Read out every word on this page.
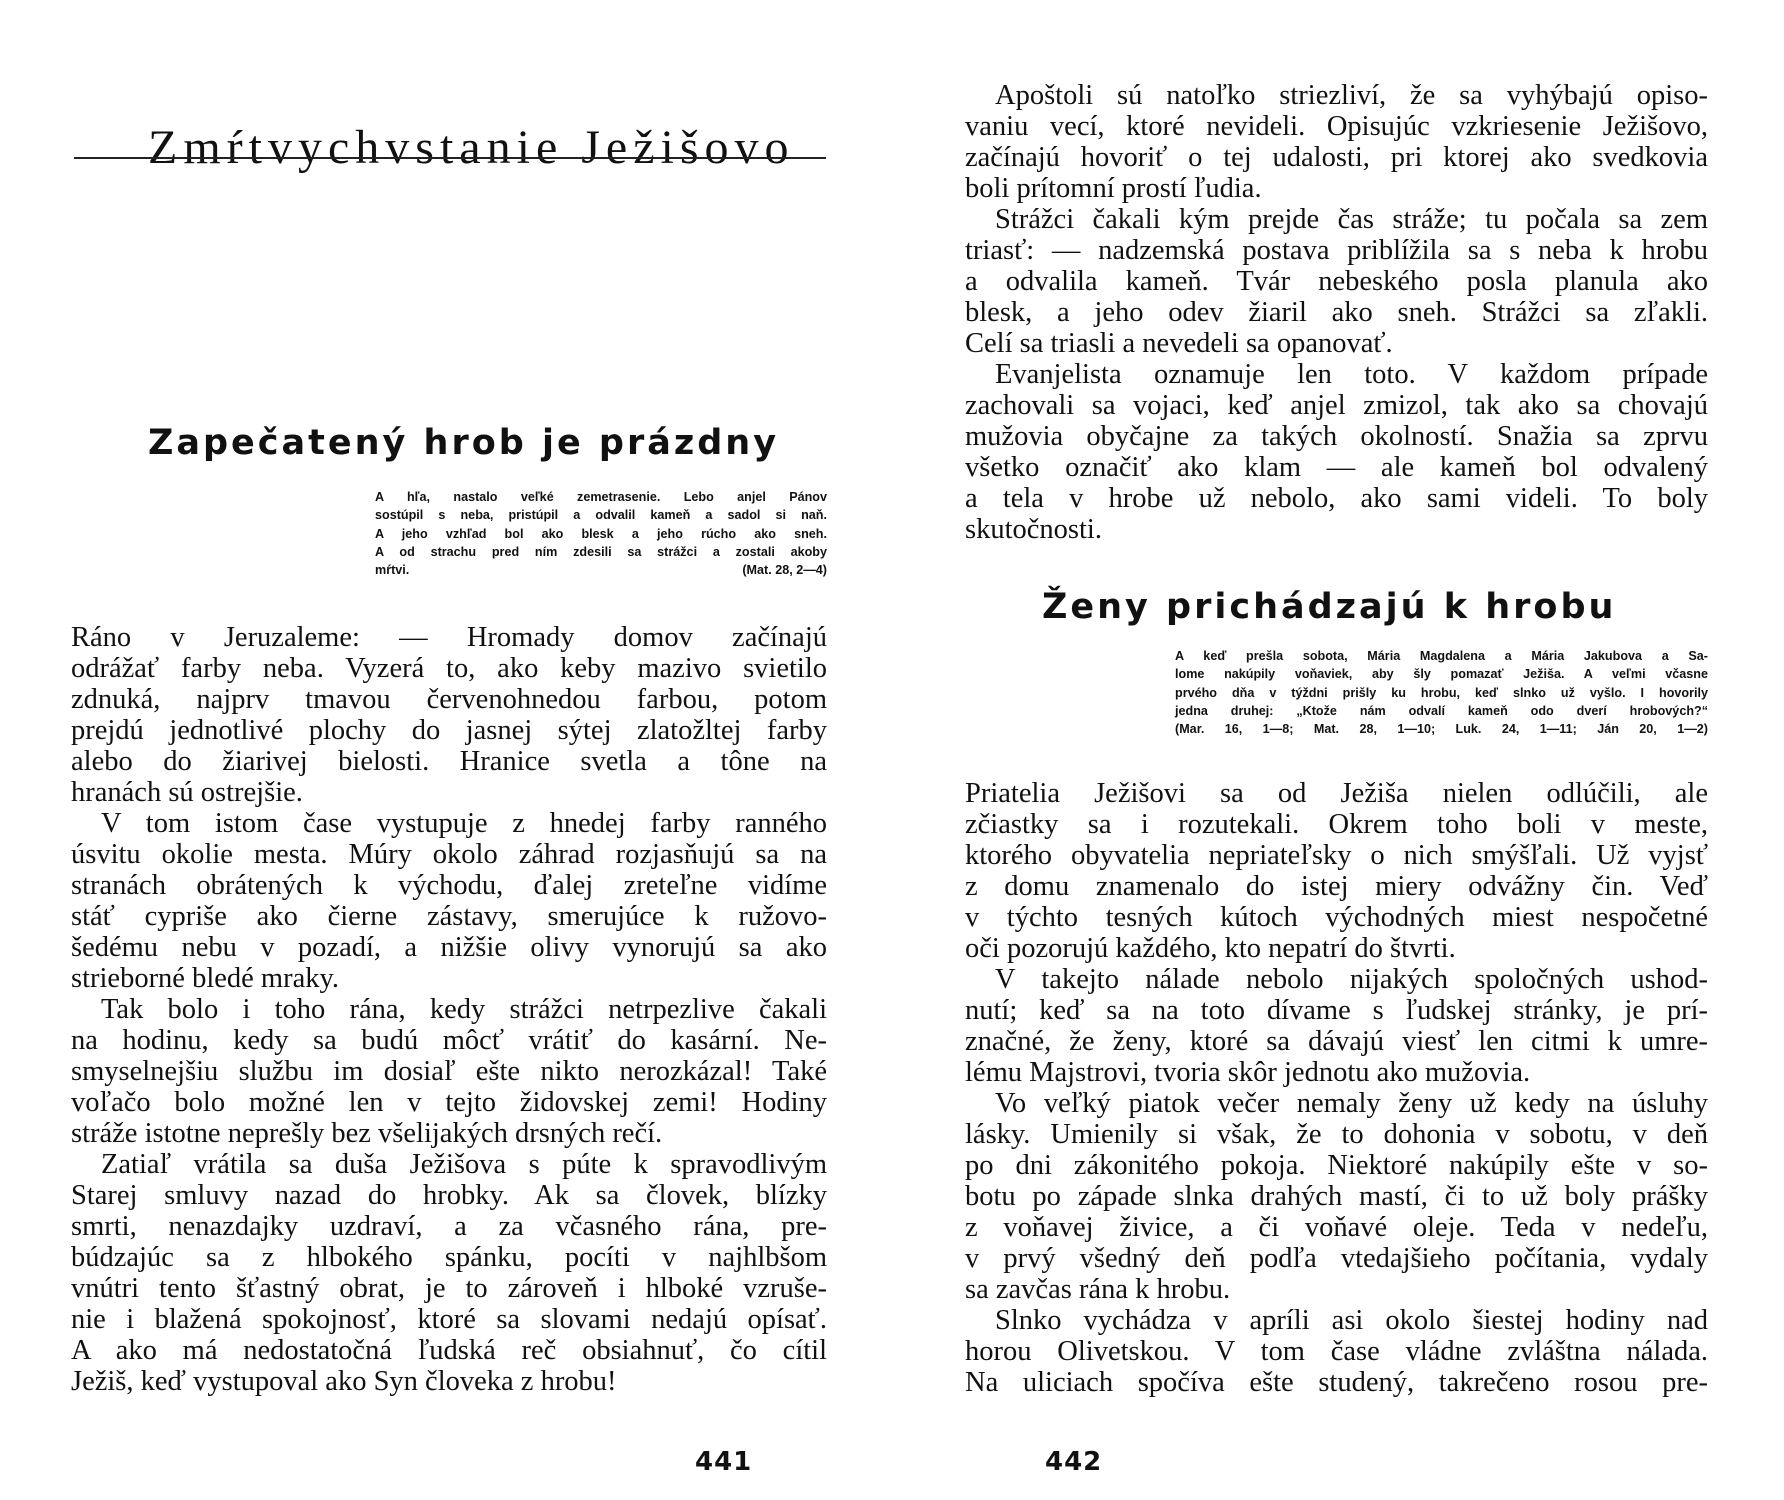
Zmŕtvychvstanie Ježišovo
Zapečatený hrob je prázdny

A hľa, nastalo veľké zemetrasenie. Lebo anjel Pánov

sostúpil s neba, pristúpil a odvalil kameň a sadol si naň.

A jeho vzhľad bol ako blesk a jeho rúcho ako sneh.

A od strachu pred ním zdesili sa strážci a zostali akoby

mŕtvi.	(Mat. 28, 2—4)

Ráno v Jeruzaleme: — Hromady domov začínajú
odrážať farby neba. Vyzerá to, ako keby mazivo svietilo
zdnuká, najprv tmavou červenohnedou farbou, potom
prejdú jednotlivé plochy do jasnej sýtej zlatožltej farby
alebo do žiarivej bielosti. Hranice svetla a tône na
hranách sú ostrejšie.

V tom istom čase vystupuje z hnedej farby ranného
úsvitu okolie mesta. Múry okolo záhrad rozjasňujú sa na
stranách obrátených k východu, ďalej zreteľne vidíme
stáť cypriše ako čierne zástavy, smerujúce k ružovo-
šedému nebu v pozadí, a nižšie olivy vynorujú sa ako
strieborné bledé mraky.

Tak bolo i toho rána, kedy strážci netrpezlive čakali
na hodinu, kedy sa budú môcť vrátiť do kasární. Ne-
smyselnejšiu službu im dosiaľ ešte nikto nerozkázal! Také
voľačo bolo možné len v tejto židovskej zemi! Hodiny
stráže istotne neprešly bez všelijakých drsných rečí.

Zatiaľ vrátila sa duša Ježišova s púte k spravodlivým
Starej smluvy nazad do hrobky. Ak sa človek, blízky
smrti, nenazdajky uzdraví, a za včasného rána, pre-
búdzajúc sa z hlbokého spánku, pocíti v najhlbšom
vnútri tento šťastný obrat, je to zároveň i hlboké vzruše-
nie i blažená spokojnosť, ktoré sa slovami nedajú opísať.
A ako má nedostatočná ľudská reč obsiahnuť, čo cítil
Ježiš, keď vystupoval ako Syn človeka z hrobu!

441

Apoštoli sú natoľko striezliví, že sa vyhýbajú opiso-
vaniu vecí, ktoré nevideli. Opisujúc vzkriesenie Ježišovo,
začínajú hovoriť o tej udalosti, pri ktorej ako svedkovia
boli prítomní prostí ľudia.

Strážci čakali kým prejde čas stráže; tu počala sa zem
triasť: — nadzemská postava priblížila sa s neba k hrobu
a odvalila kameň. Tvár nebeského posla planula ako
blesk, a jeho odev žiaril ako sneh. Strážci sa zľakli.
Celí sa triasli a nevedeli sa opanovať.

Evanjelista oznamuje len toto. V každom prípade
zachovali sa vojaci, keď anjel zmizol, tak ako sa chovajú
mužovia obyčajne za takých okolností. Snažia sa zprvu
všetko označiť ako klam — ale kameň bol odvalený
a tela v hrobe už nebolo, ako sami videli. To boly
skutočnosti.

Ženy prichádzajú k hrobu

A keď prešla sobota, Mária Magdalena a Mária Jakubova a Sa-

lome nakúpily voňaviek, aby šly pomazať Ježiša. A veľmi včasne

prvého dňa v týždni prišly ku hrobu, keď slnko už vyšlo. I hovorily

jedna druhej: „Ktože nám odvalí kameň odo dverí hrobových?“

(Mar. 16, 1—8; Mat. 28, 1—10; Luk. 24, 1—11; Ján 20, 1—2)

Priatelia Ježišovi sa od Ježiša nielen odlúčili, ale
zčiastky sa i rozutekali. Okrem toho boli v meste,
ktorého obyvatelia nepriateľsky o nich smýšľali. Už vyjsť
z domu znamenalo do istej miery odvážny čin. Veď
v týchto tesných kútoch východných miest nespočetné
oči pozorujú každého, kto nepatrí do štvrti.

V takejto nálade nebolo nijakých spoločných ushod-
nutí; keď sa na toto dívame s ľudskej stránky, je prí-
značné, že ženy, ktoré sa dávajú viesť len citmi k umre-
lému Majstrovi, tvoria skôr jednotu ako mužovia.

Vo veľký piatok večer nemaly ženy už kedy na úsluhy
lásky. Umienily si však, že to dohonia v sobotu, v deň
po dni zákonitého pokoja. Niektoré nakúpily ešte v so-
botu po západe slnka drahých mastí, či to už boly prášky
z voňavej živice, a či voňavé oleje. Teda v nedeľu,
v prvý všedný deň podľa vtedajšieho počítania, vydaly
sa zavčas rána k hrobu.

Slnko vychádza v apríli asi okolo šiestej hodiny nad
horou Olivetskou. V tom čase vládne zvláštna nálada.
Na uliciach spočíva ešte studený, takrečeno rosou pre-

442
